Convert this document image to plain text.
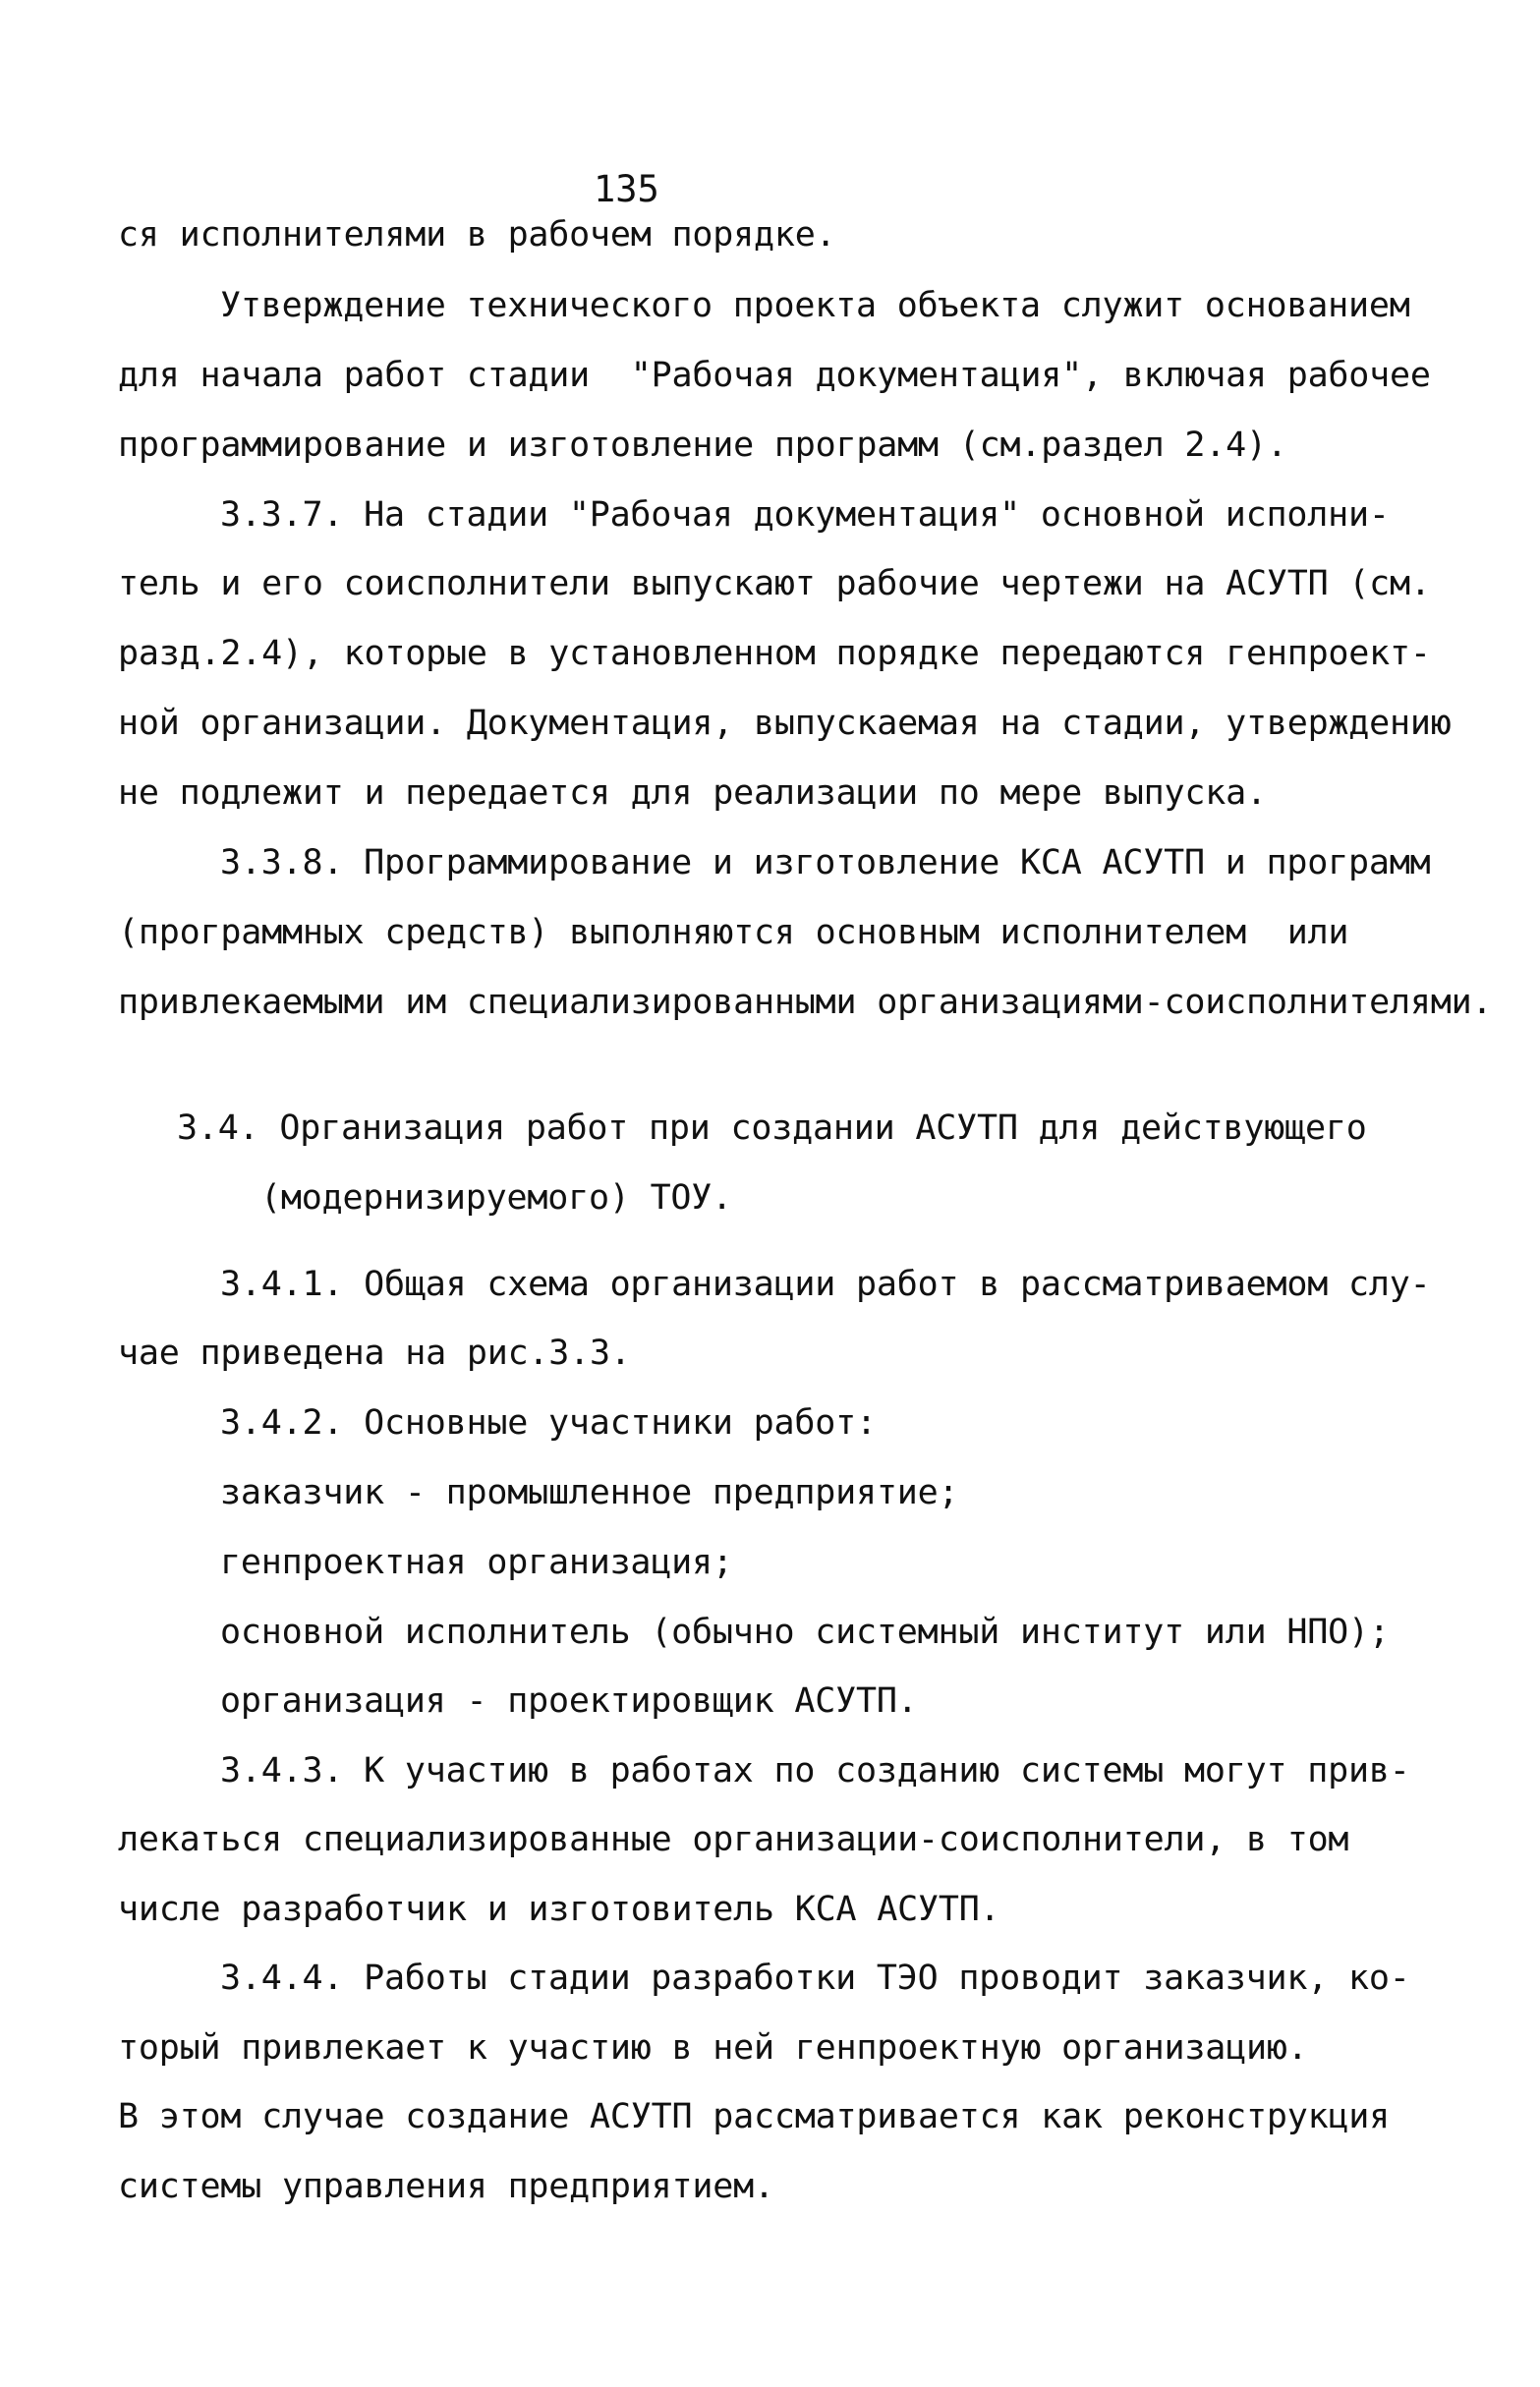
135
ся исполнителями в рабочем порядке.
Утверждение технического проекта объекта служит основанием
для начала работ стадии  "Рабочая документация", включая рабочее
программирование и изготовление программ (см.раздел 2.4).
3.3.7. На стадии "Рабочая документация" основной исполни-
тель и его соисполнители выпускают рабочие чертежи на АСУТП (см.
разд.2.4), которые в установленном порядке передаются генпроект-
ной организации. Документация, выпускаемая на стадии, утверждению
не подлежит и передается для реализации по мере выпуска.
3.3.8. Программирование и изготовление КСА АСУТП и программ
(программных средств) выполняются основным исполнителем  или
привлекаемыми им специализированными организациями-соисполнителями.
3.4. Организация работ при создании АСУТП для действующего
(модернизируемого) ТОУ.
3.4.1. Общая схема организации работ в рассматриваемом слу-
чае приведена на рис.3.3.
3.4.2. Основные участники работ:
заказчик - промышленное предприятие;
генпроектная организация;
основной исполнитель (обычно системный институт или НПО);
организация - проектировщик АСУТП.
3.4.3. К участию в работах по созданию системы могут прив-
лекаться специализированные организации-соисполнители, в том
числе разработчик и изготовитель КСА АСУТП.
3.4.4. Работы стадии разработки ТЭО проводит заказчик, ко-
торый привлекает к участию в ней генпроектную организацию.
В этом случае создание АСУТП рассматривается как реконструкция
системы управления предприятием.
